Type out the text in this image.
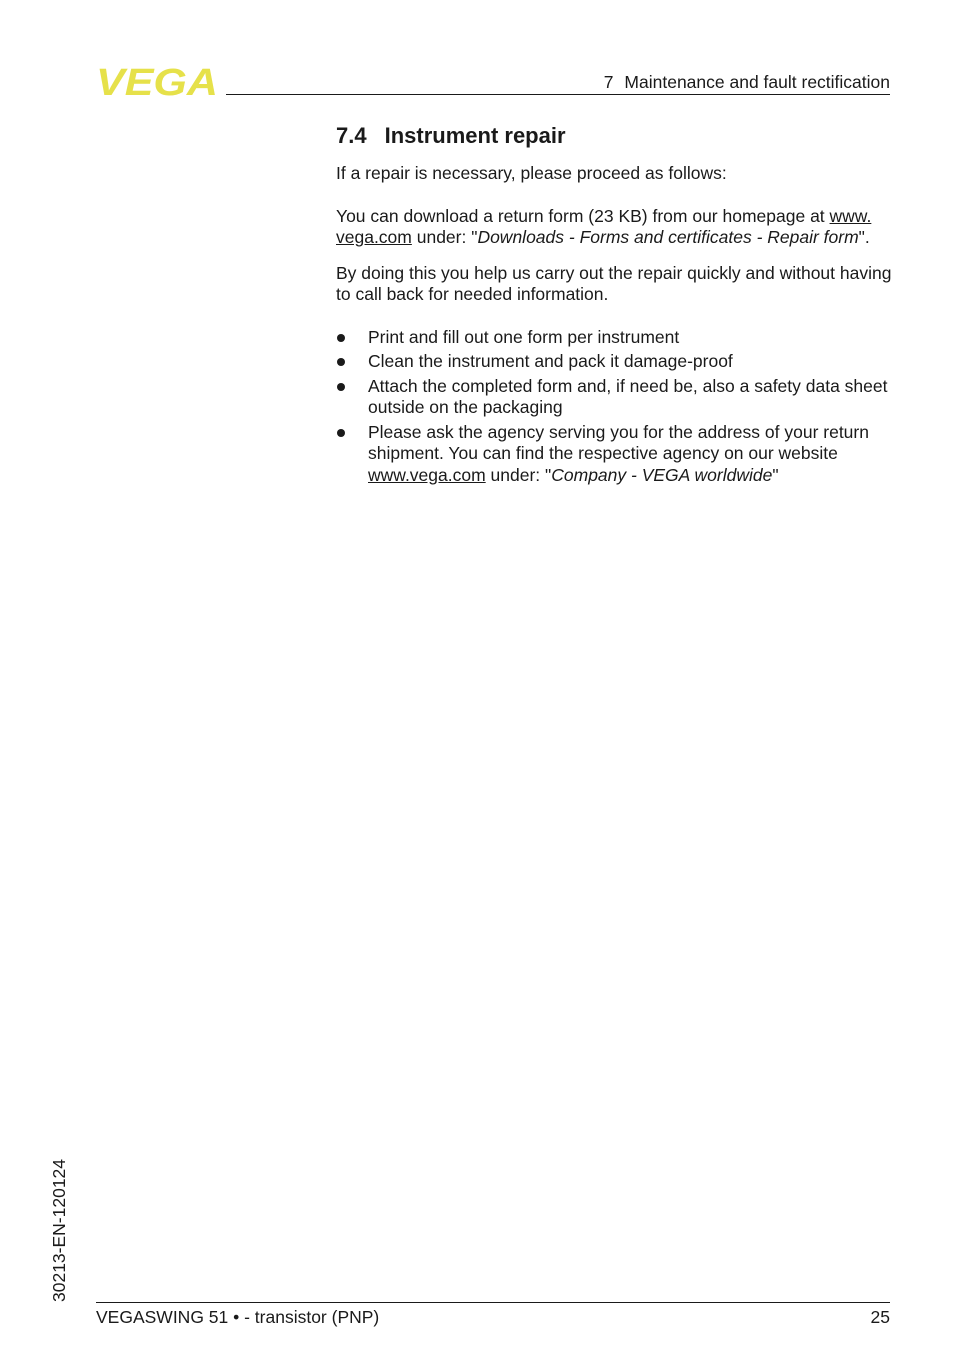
VEGA	7 Maintenance and fault rectification
7.4 Instrument repair

If a repair is necessary, please proceed as follows:

You can download a return form (23 KB) from our homepage at www.
vega.com under: "Downloads - Forms and certificates - Repair form".

By doing this you help us carry out the repair quickly and without having to call back for needed information.

Print and fill out one form per instrument
Clean the instrument and pack it damage-proof
Attach the completed form and, if need be, also a safety data sheet outside on the packaging
Please ask the agency serving you for the address of your return shipment. You can find the respective agency on our website www.vega.com under: "Company - VEGA worldwide"
30213-EN-120124
VEGASWING 51 • - transistor (PNP)	25
